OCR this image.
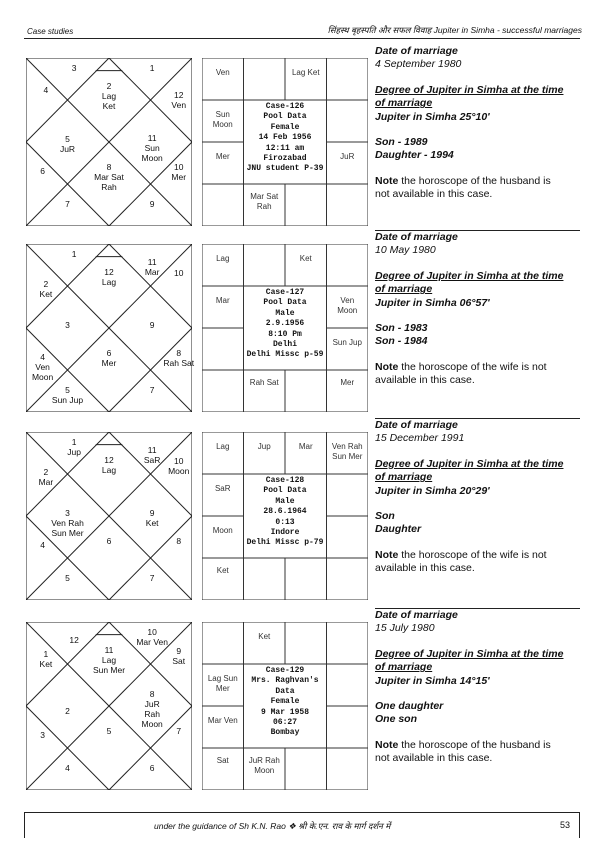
Case studies	सिंहस्थ बृहस्पति और सफल विवाह Jupiter in Simha - successful marriages
3	1
2
Lag
Ket
4	12
Ven
5
JuR
11
Sun
Moon
6	10
Mer
8
Mar Sat
Rah
7	9
Ven	Lag Ket
Sun
Moon
Mer	JuR
Mar Sat
Rah
Case-126
Pool Data
Female
14 Feb 1956
12:11 am
Firozabad
JNU student P-39
Date of marriage
4 September 1980
Degree of Jupiter in Simha at the time
of marriage
Jupiter in Simha 25°10'
Son - 1989
Daughter - 1994
Note the horoscope of the husband is
not available in this case.
1
11
Mar
12
Lag
2
Ket
10
3	9
4
Ven
Moon
8
Rah Sat
6
Mer
5
Sun Jup
7
Lag	Ket
Mar	Ven
Moon
Sun Jup
Rah Sat	Mer
Case-127
Pool Data
Male
2.9.1956
8:10 Pm
Delhi
Delhi Missc p-59
Date of marriage
10 May 1980
Degree of Jupiter in Simha at the time
of marriage
Jupiter in Simha 06°57'
Son - 1983
Son - 1984
Note the horoscope of the wife is not
available in this case.
1
Jup	11
SaR
12
Lag
2
Mar
10
Moon
3
Ven Rah
Sun Mer
9
Ket
4	8
6
5	7
Lag	Jup	Mar Ven Rah
Sun Mer
SaR
Moon
Ket
Case-128
Pool Data
Male
28.6.1964
0:13
Indore
Delhi Missc p-79
Date of marriage
15 December 1991
Degree of Jupiter in Simha at the time
of marriage
Jupiter in Simha 20°29'
Son
Daughter
Note the horoscope of the wife is not
available in this case.
12
10
Mar Ven
11
Lag
Sun Mer
1
Ket
9
Sat
2
8
JuR
Rah
Moon
3	7
5
4	6
Ket
Lag Sun
Mer
Mar Ven
Sat JuR Rah
Moon
Case-129
Mrs. Raghvan's
Data
Female
9 Mar 1958
06:27
Bombay
Date of marriage
15 July 1980
Degree of Jupiter in Simha at the time
of marriage
Jupiter in Simha 14°15'
One daughter
One son
Note the horoscope of the husband is
not available in this case.
under the guidance of Sh K.N. Rao ❖ श्री के.एन. राव के मार्ग दर्शन में	53
